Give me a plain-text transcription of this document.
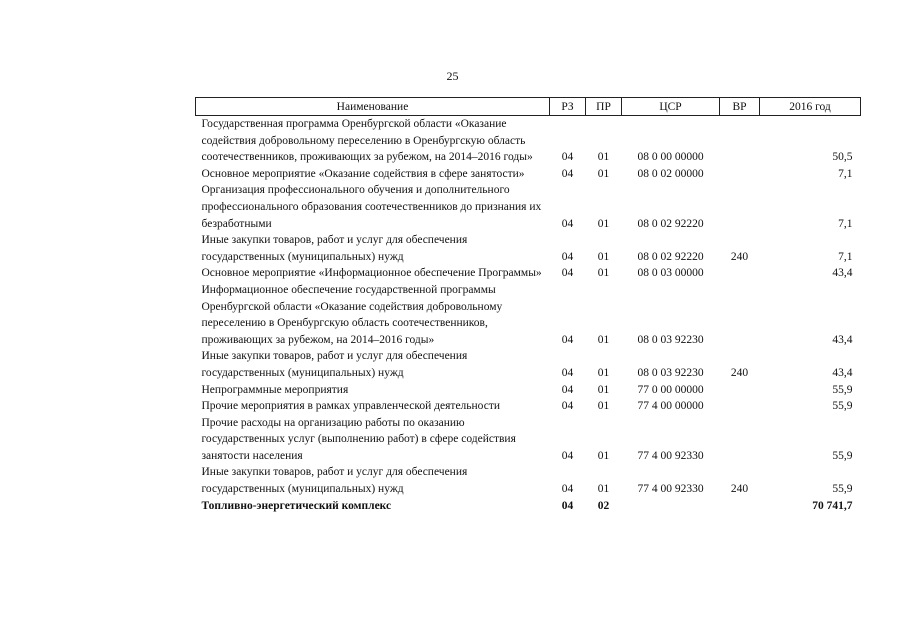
25
Наименование	РЗ	ПР	ЦСР	ВР	2016 год
Государственная программа Оренбургской области «Оказание содействия добровольному переселению в Оренбургскую область соотечественников, проживающих за рубежом, на 2014–2016 годы»	04	01	08 0 00 00000		50,5
Основное мероприятие «Оказание содействия в сфере занятости»	04	01	08 0 02 00000		7,1
Организация профессионального обучения и дополнительного профессионального образования соотечественников до признания их безработными	04	01	08 0 02 92220		7,1
Иные закупки товаров, работ и услуг для обеспечения государственных (муниципальных) нужд	04	01	08 0 02 92220	240	7,1
Основное мероприятие «Информационное обеспечение Программы»	04	01	08 0 03 00000		43,4
Информационное обеспечение государственной программы Оренбургской области «Оказание содействия добровольному переселению в Оренбургскую область соотечественников, проживающих за рубежом, на 2014–2016 годы»	04	01	08 0 03 92230		43,4
Иные закупки товаров, работ и услуг для обеспечения государственных (муниципальных) нужд	04	01	08 0 03 92230	240	43,4
Непрограммные мероприятия	04	01	77 0 00 00000		55,9
Прочие мероприятия в рамках управленческой деятельности	04	01	77 4 00 00000		55,9
Прочие расходы на организацию работы по оказанию государственных услуг (выполнению работ) в сфере содействия занятости населения	04	01	77 4 00 92330		55,9
Иные закупки товаров, работ и услуг для обеспечения государственных (муниципальных) нужд	04	01	77 4 00 92330	240	55,9
Топливно-энергетический комплекс	04	02			70 741,7
